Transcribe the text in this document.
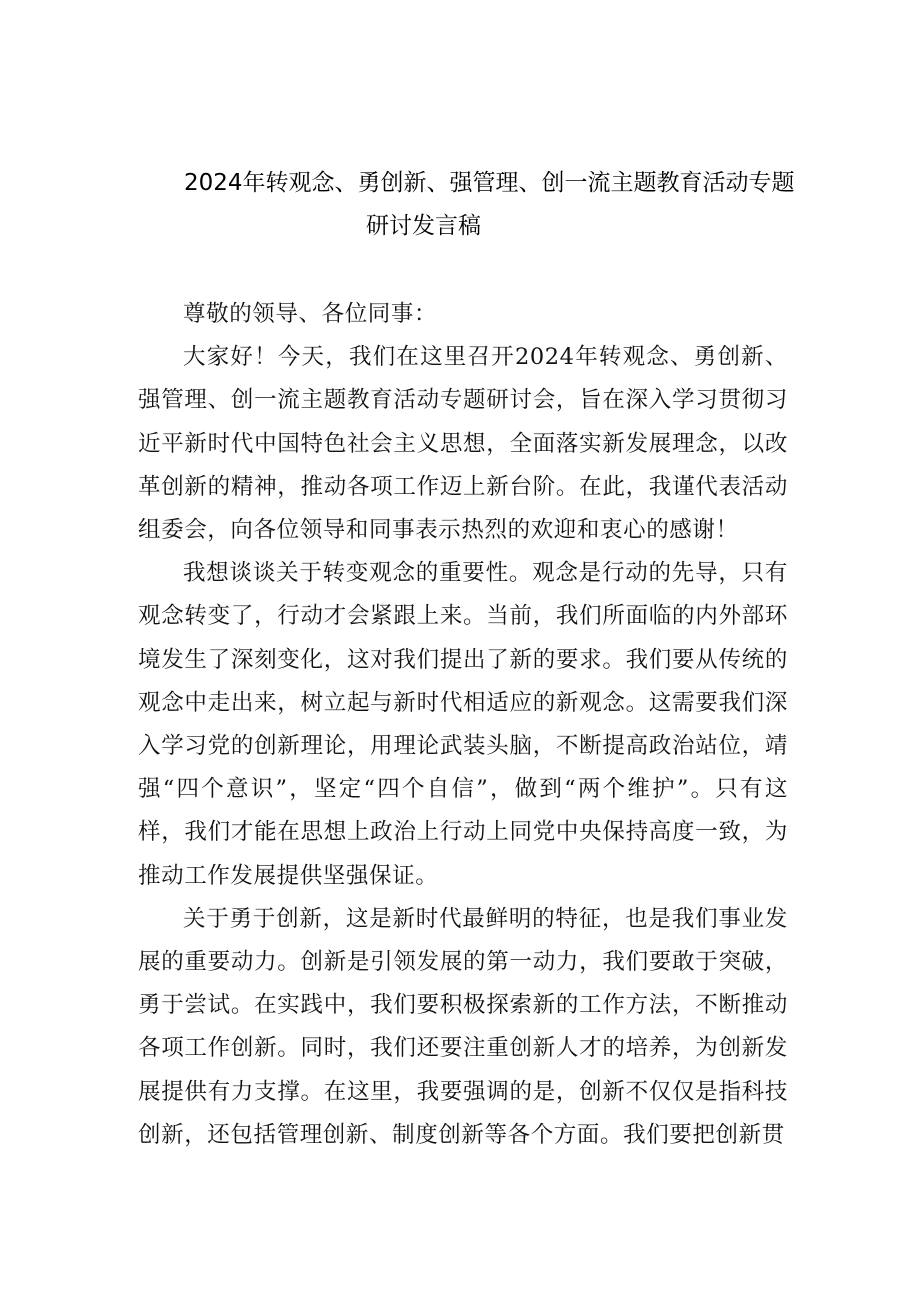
2024年转观念、勇创新、强管理、创一流主题教育活动专题
研讨发言稿

尊敬的领导、各位同事：

大家好！今天，我们在这里召开2024年转观念、勇创新、强管理、创一流主题教育活动专题研讨会，旨在深入学习贯彻习近平新时代中国特色社会主义思想，全面落实新发展理念，以改革创新的精神，推动各项工作迈上新台阶。在此，我谨代表活动组委会，向各位领导和同事表示热烈的欢迎和衷心的感谢！

我想谈谈关于转变观念的重要性。观念是行动的先导，只有观念转变了，行动才会紧跟上来。当前，我们所面临的内外部环境发生了深刻变化，这对我们提出了新的要求。我们要从传统的观念中走出来，树立起与新时代相适应的新观念。这需要我们深入学习党的创新理论，用理论武装头脑，不断提高政治站位，靖强“四个意识”，坚定“四个自信”，做到“两个维护”。只有这样，我们才能在思想上政治上行动上同党中央保持高度一致，为推动工作发展提供坚强保证。

关于勇于创新，这是新时代最鲜明的特征，也是我们事业发展的重要动力。创新是引领发展的第一动力，我们要敢于突破，勇于尝试。在实践中，我们要积极探索新的工作方法，不断推动各项工作创新。同时，我们还要注重创新人才的培养，为创新发展提供有力支撑。在这里，我要强调的是，创新不仅仅是指科技创新，还包括管理创新、制度创新等各个方面。我们要把创新贯
